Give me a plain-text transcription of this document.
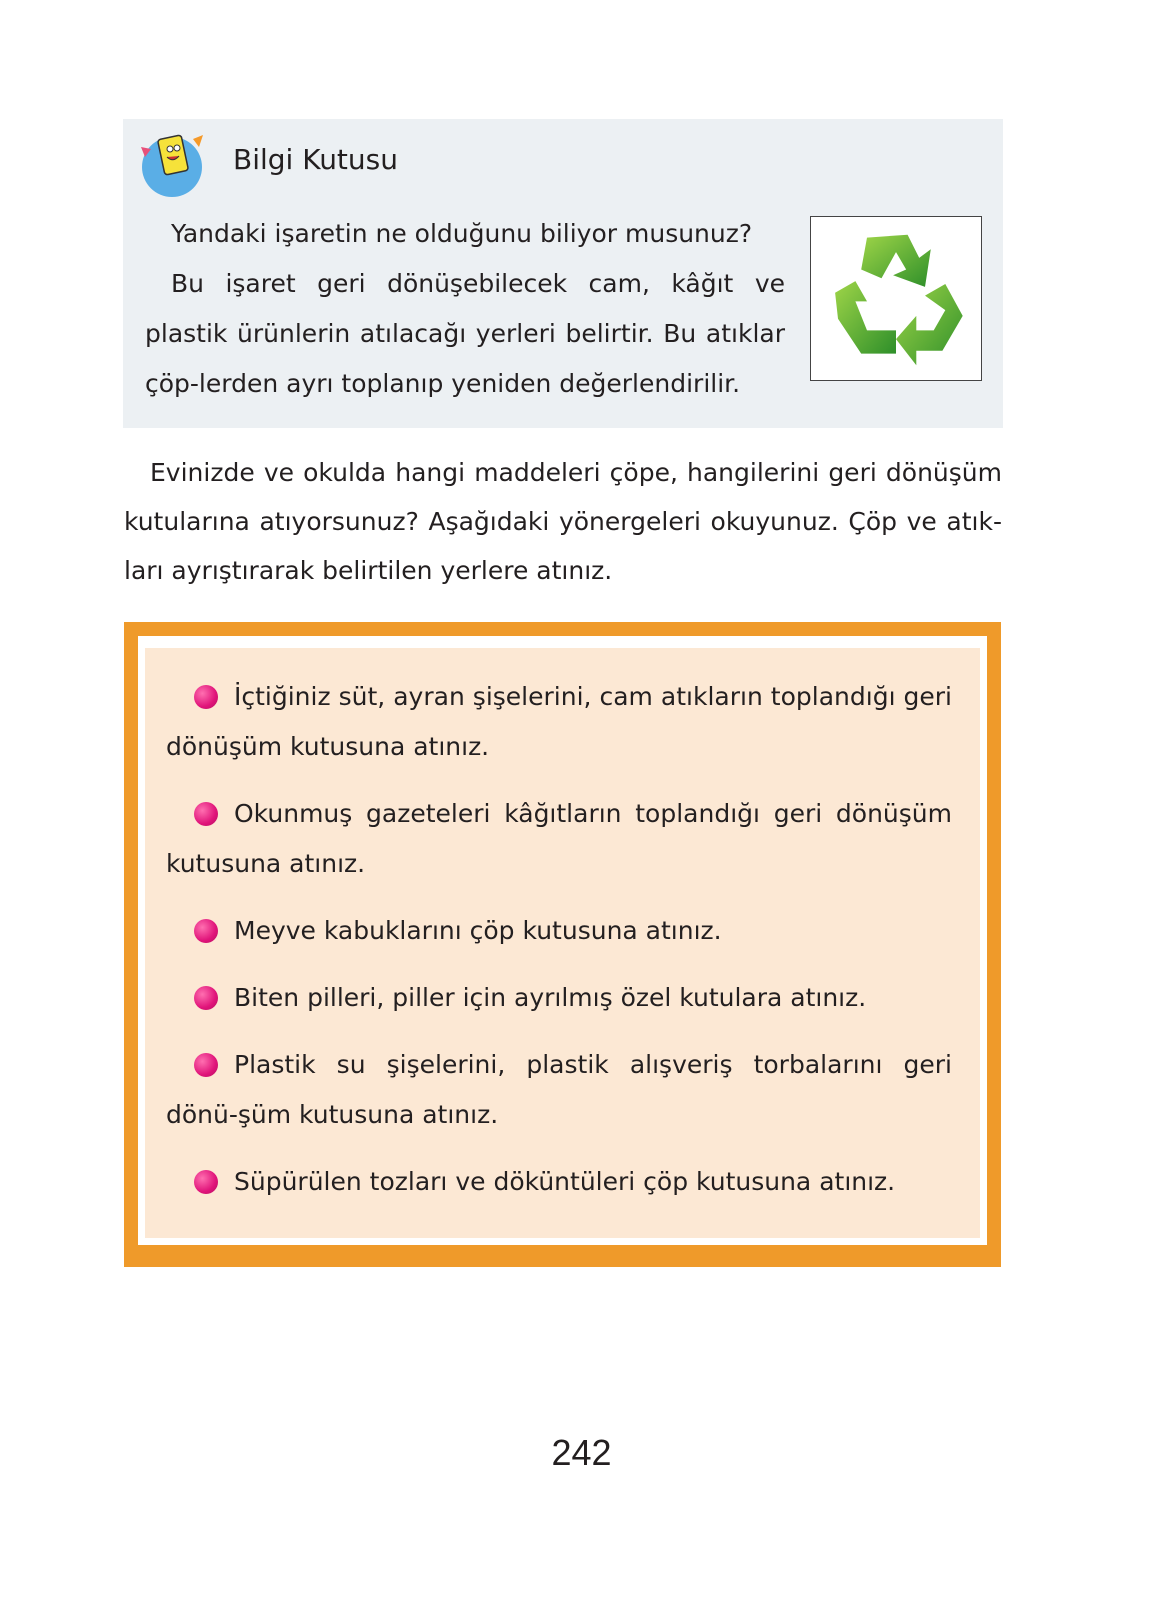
Bilgi Kutusu

Yandaki işaretin ne olduğunu biliyor musunuz?

Bu işaret geri dönüşebilecek cam, kâğıt ve plastik ürünlerin atılacağı yerleri belirtir. Bu atıklar çöp-lerden ayrı toplanıp yeniden değerlendirilir.

Evinizde ve okulda hangi maddeleri çöpe, hangilerini geri dönüşüm kutularına atıyorsunuz? Aşağıdaki yönergeleri okuyunuz. Çöp ve atık-ları ayrıştırarak belirtilen yerlere atınız.

İçtiğiniz süt, ayran şişelerini, cam atıkların toplandığı geri dönüşüm kutusuna atınız.

Okunmuş gazeteleri kâğıtların toplandığı geri dönüşüm kutusuna atınız.

Meyve kabuklarını çöp kutusuna atınız.

Biten pilleri, piller için ayrılmış özel kutulara atınız.

Plastik su şişelerini, plastik alışveriş torbalarını geri dönü-şüm kutusuna atınız.

Süpürülen tozları ve döküntüleri çöp kutusuna atınız.

242
